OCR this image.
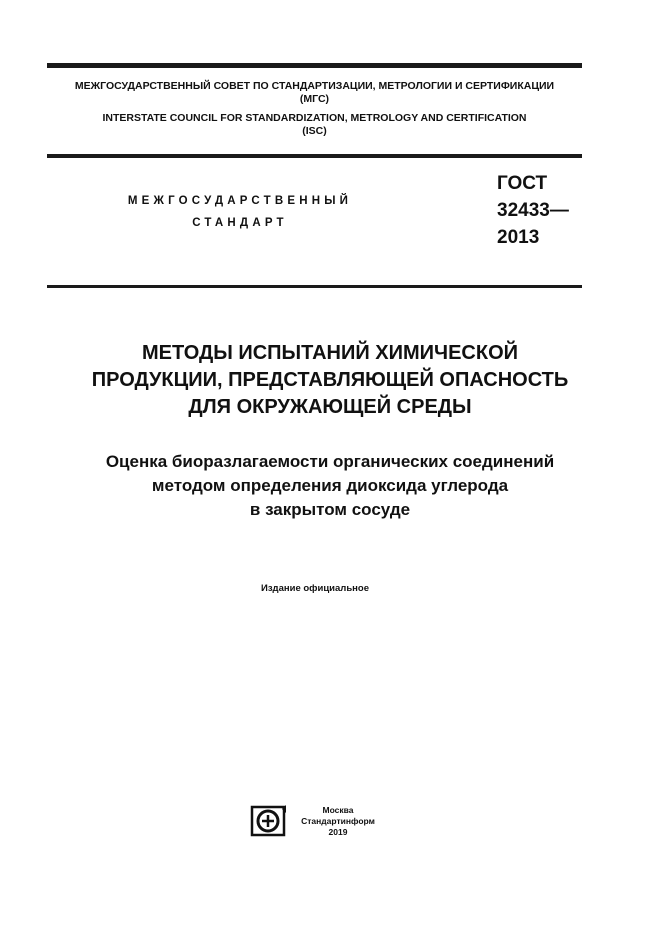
МЕЖГОСУДАРСТВЕННЫЙ СОВЕТ ПО СТАНДАРТИЗАЦИИ, МЕТРОЛОГИИ И СЕРТИФИКАЦИИ
(МГС)
INTERSTATE COUNCIL FOR STANDARDIZATION, METROLOGY AND CERTIFICATION
(ISC)
МЕЖГОСУДАРСТВЕННЫЙ
СТАНДАРТ
ГОСТ
32433—
2013
МЕТОДЫ ИСПЫТАНИЙ ХИМИЧЕСКОЙ
ПРОДУКЦИИ, ПРЕДСТАВЛЯЮЩЕЙ ОПАСНОСТЬ
ДЛЯ ОКРУЖАЮЩЕЙ СРЕДЫ
Оценка биоразлагаемости органических соединений
методом определения диоксида углерода
в закрытом сосуде
Издание официальное
Москва
Стандартинформ
2019
